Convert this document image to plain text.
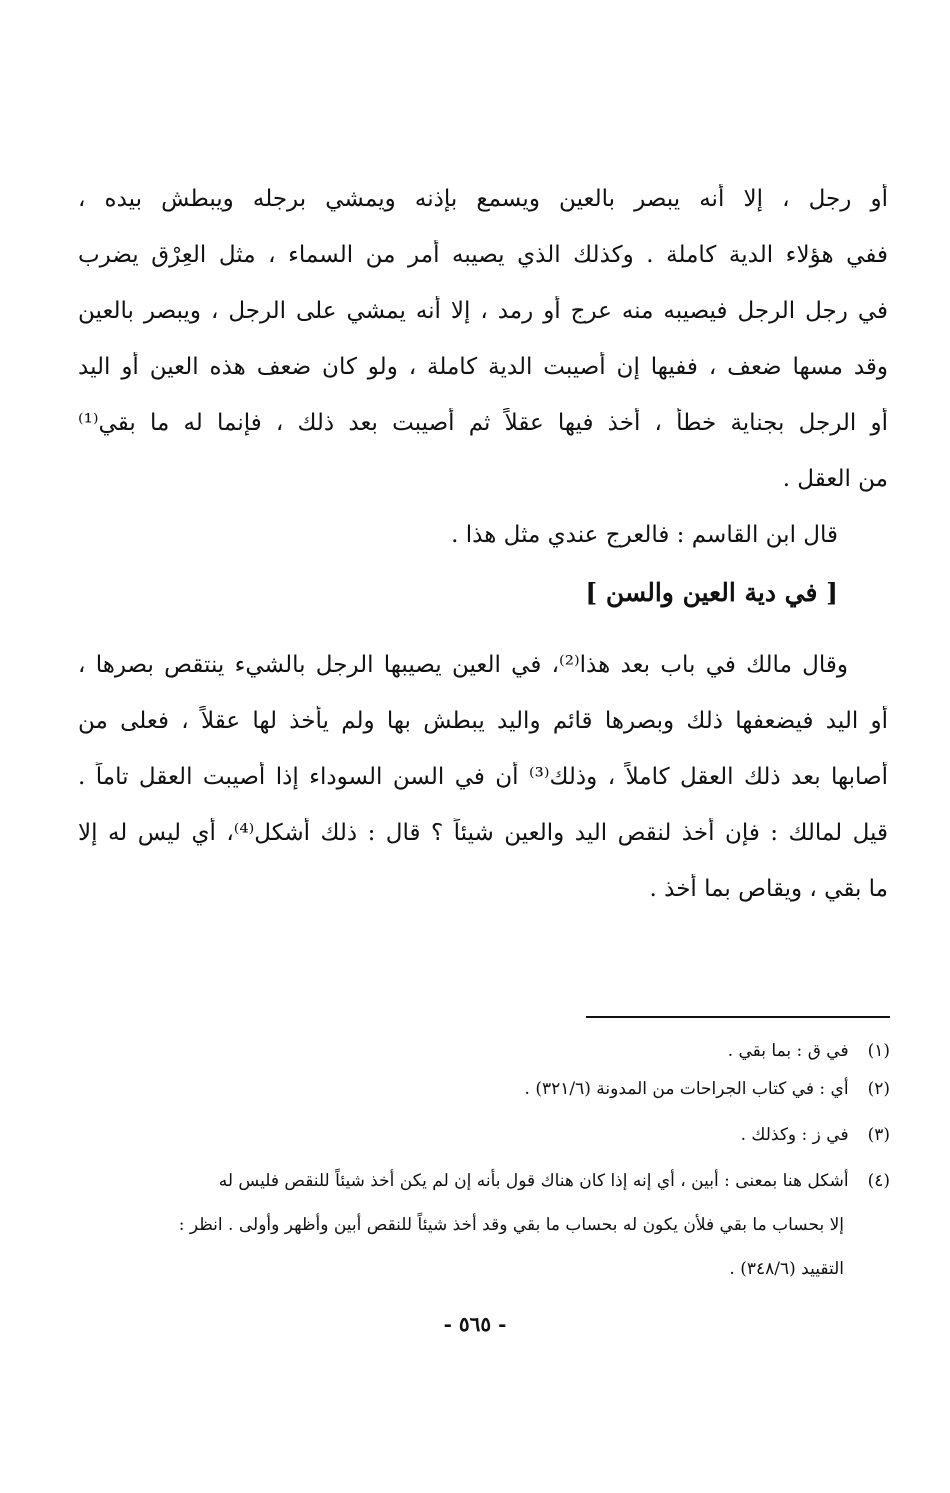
أو رجل ، إلا أنه يبصر بالعين ويسمع بإذنه ويمشي برجله ويبطش بيده ،
ففي هؤلاء الدية كاملة . وكذلك الذي يصيبه أمر من السماء ، مثل العِرْق يضرب
في رجل الرجل فيصيبه منه عرج أو رمد ، إلا أنه يمشي على الرجل ، ويبصر بالعين
وقد مسها ضعف ، ففيها إن أصيبت الدية كاملة ، ولو كان ضعف هذه العين أو اليد
أو الرجل بجناية خطأ ، أخذ فيها عقلاً ثم أصيبت بعد ذلك ، فإنما له ما بقي⁽¹⁾
من العقل .
قال ابن القاسم : فالعرج عندي مثل هذا .
[ في دية العين والسن ]
وقال مالك في باب بعد هذا⁽²⁾، في العين يصيبها الرجل بالشيء ينتقص بصرها ،
أو اليد فيضعفها ذلك وبصرها قائم واليد يبطش بها ولم يأخذ لها عقلاً ، فعلى من
أصابها بعد ذلك العقل كاملاً ، وذلك⁽³⁾ أن في السن السوداء إذا أصيبت العقل تاماً .
قيل لمالك : فإن أخذ لنقص اليد والعين شيئاً ؟ قال : ذلك أشكل⁽⁴⁾، أي ليس له إلا
ما بقي ، ويقاص بما أخذ .
(١) في ق : بما بقي .
(٢) أي : في كتاب الجراحات من المدونة (٣٢١/٦) .
(٣) في ز : وكذلك .
(٤) أشكل هنا بمعنى : أبين ، أي إنه إذا كان هناك قول بأنه إن لم يكن أخذ شيئاً للنقص فليس له
إلا بحساب ما بقي فلأن يكون له بحساب ما بقي وقد أخذ شيئاً للنقص أبين وأظهر وأولى . انظر :
التقييد (٣٤٨/٦) .
- ٥٦٥ -
